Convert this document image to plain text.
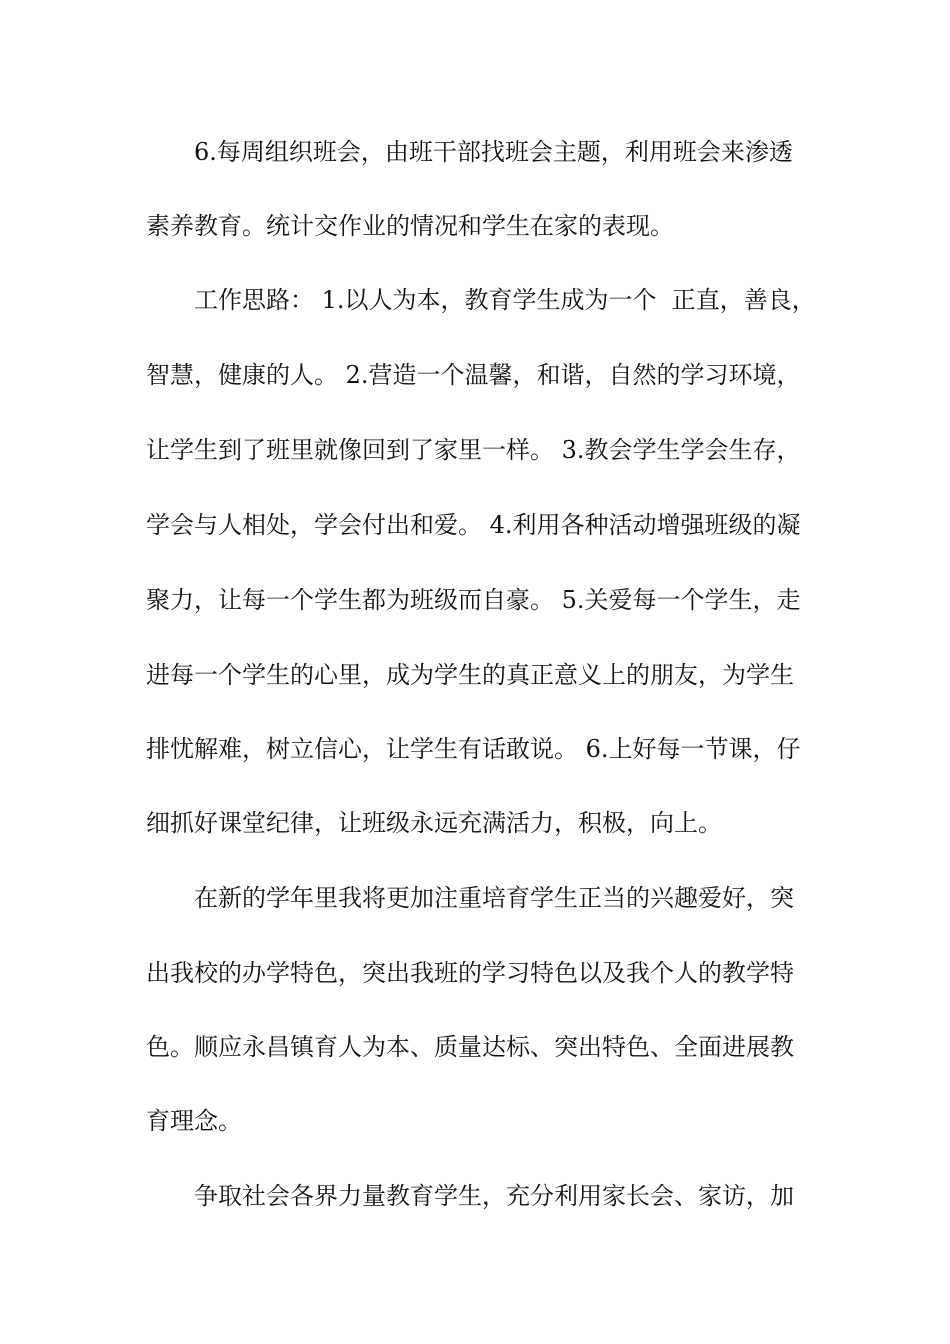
6.每周组织班会，由班干部找班会主题，利用班会来渗透
素养教育。统计交作业的情况和学生在家的表现。
工作思路： 1.以人为本，教育学生成为一个  正直，善良，
智慧，健康的人。 2.营造一个温馨，和谐，自然的学习环境，
让学生到了班里就像回到了家里一样。 3.教会学生学会生存，
学会与人相处，学会付出和爱。 4.利用各种活动增强班级的凝
聚力，让每一个学生都为班级而自豪。 5.关爱每一个学生，走
进每一个学生的心里，成为学生的真正意义上的朋友，为学生
排忧解难，树立信心，让学生有话敢说。 6.上好每一节课，仔
细抓好课堂纪律，让班级永远充满活力，积极，向上。
在新的学年里我将更加注重培育学生正当的兴趣爱好，突
出我校的办学特色，突出我班的学习特色以及我个人的教学特
色。顺应永昌镇育人为本、质量达标、突出特色、全面进展教
育理念。
争取社会各界力量教育学生，充分利用家长会、家访，加
